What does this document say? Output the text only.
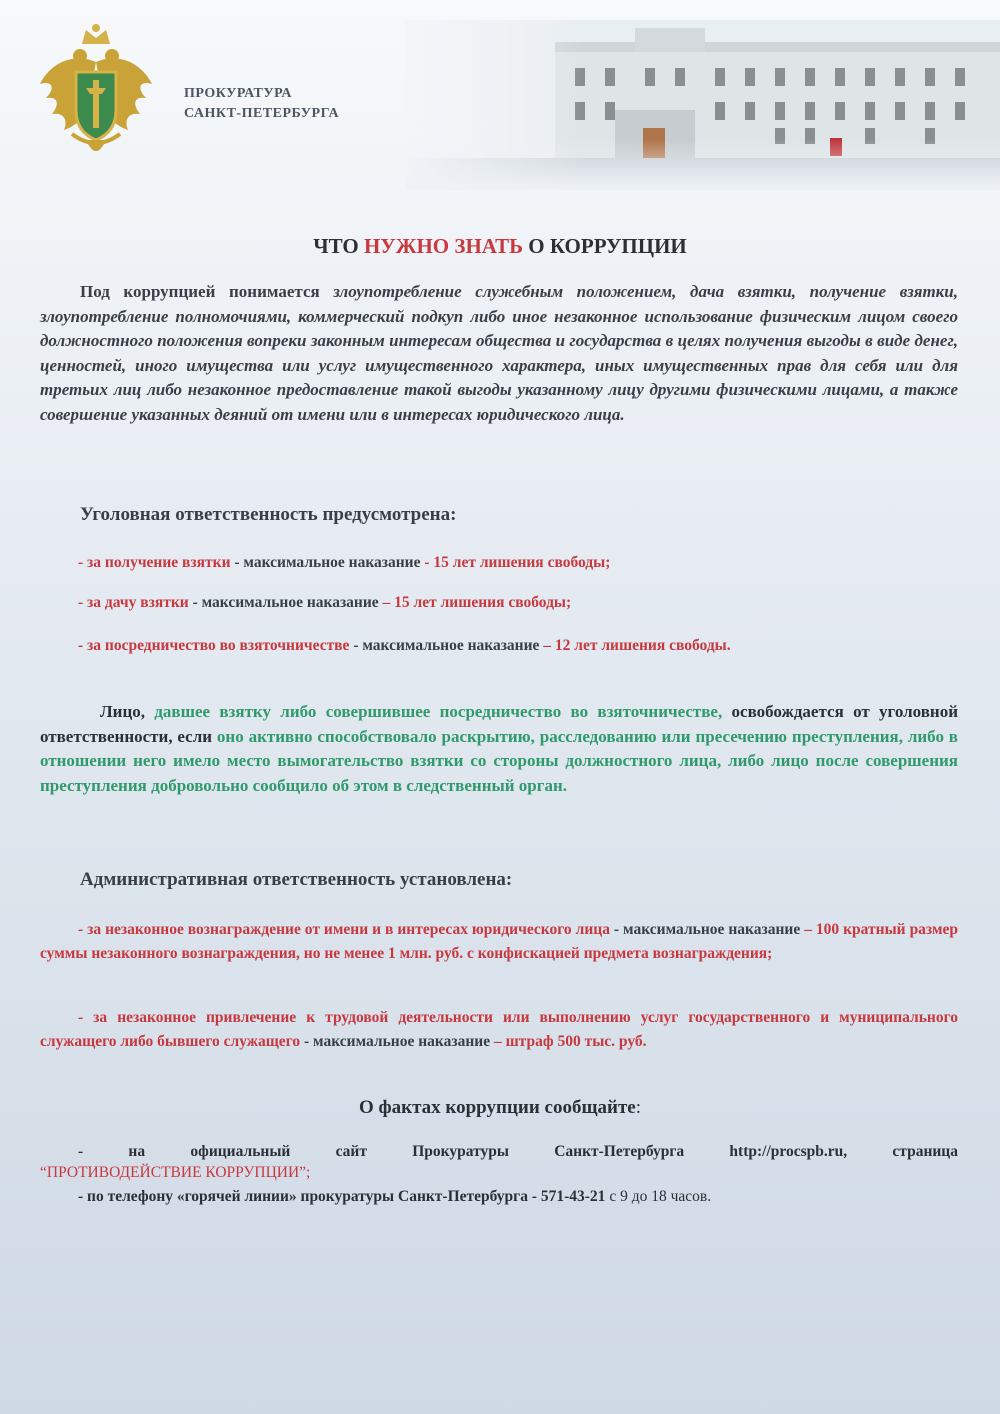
ПРОКУРАТУРА
САНКТ-ПЕТЕРБУРГА
ЧТО НУЖНО ЗНАТЬ О КОРРУПЦИИ
Под коррупцией понимается злоупотребление служебным положением, дача взятки, получение взятки, злоупотребление полномочиями, коммерческий подкуп либо иное незаконное использование физическим лицом своего должностного положения вопреки законным интересам общества и государства в целях получения выгоды в виде денег, ценностей, иного имущества или услуг имущественного характера, иных имущественных прав для себя или для третьих лиц либо незаконное предоставление такой выгоды указанному лицу другими физическими лицами, а также совершение указанных деяний от имени или в интересах юридического лица.
Уголовная ответственность предусмотрена:
- за получение взятки - максимальное наказание - 15 лет лишения свободы;
- за дачу взятки - максимальное наказание – 15 лет лишения свободы;
- за посредничество во взяточничестве - максимальное наказание – 12 лет лишения свободы.
Лицо, давшее взятку либо совершившее посредничество во взяточничестве, освобождается от уголовной ответственности, если оно активно способствовало раскрытию, расследованию или пресечению преступления, либо в отношении него имело место вымогательство взятки со стороны должностного лица, либо лицо после совершения преступления добровольно сообщило об этом в следственный орган.
Административная ответственность установлена:
- за незаконное вознаграждение от имени и в интересах юридического лица - максимальное наказание – 100 кратный размер суммы незаконного вознаграждения, но не менее 1 млн. руб. с конфискацией предмета вознаграждения;
- за незаконное привлечение к трудовой деятельности или выполнению услуг государственного и муниципального служащего либо бывшего служащего - максимальное наказание – штраф 500 тыс. руб.
О фактах коррупции сообщайте:
- на официальный сайт Прокуратуры Санкт-Петербурга http://procspb.ru, страница
“ПРОТИВОДЕЙСТВИЕ КОРРУПЦИИ”;
- по телефону «горячей линии» прокуратуры Санкт-Петербурга - 571-43-21 с 9 до 18 часов.
